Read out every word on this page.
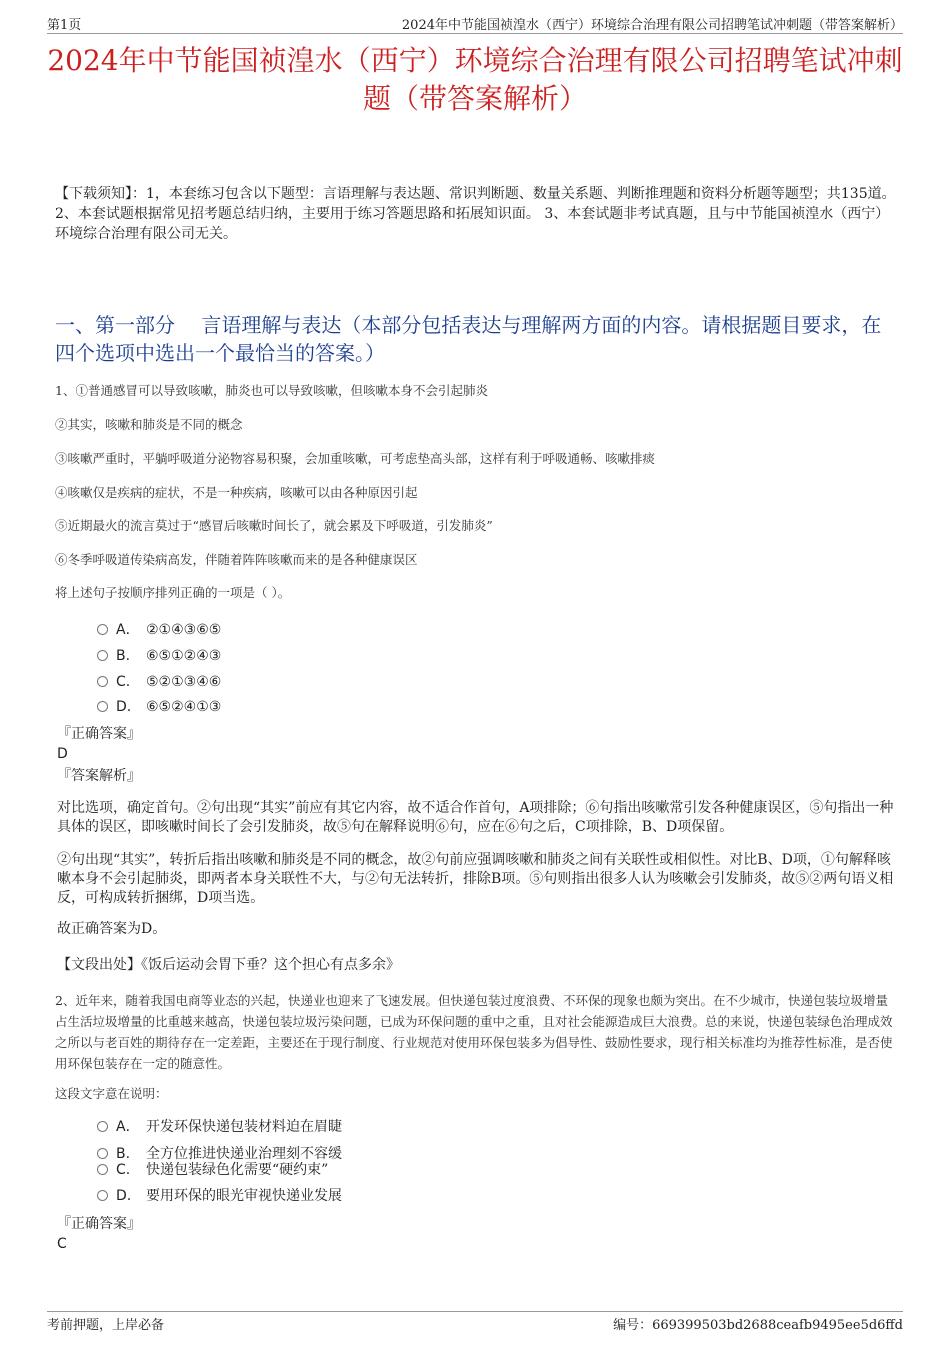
第1页	2024年中节能国祯湟水（西宁）环境综合治理有限公司招聘笔试冲刺题（带答案解析）
2024年中节能国祯湟水（西宁）环境综合治理有限公司招聘笔试冲刺题（带答案解析）
【下载须知】：1，本套练习包含以下题型：言语理解与表达题、常识判断题、数量关系题、判断推理题和资料分析题等题型；共135道。 2、本套试题根据常见招考题总结归纳，主要用于练习答题思路和拓展知识面。 3、本套试题非考试真题，且与中节能国祯湟水（西宁）环境综合治理有限公司无关。
一、第一部分　 言语理解与表达（本部分包括表达与理解两方面的内容。请根据题目要求，在四个选项中选出一个最恰当的答案。）
1、①普通感冒可以导致咳嗽，肺炎也可以导致咳嗽，但咳嗽本身不会引起肺炎
②其实，咳嗽和肺炎是不同的概念
③咳嗽严重时，平躺呼吸道分泌物容易积聚，会加重咳嗽，可考虑垫高头部，这样有利于呼吸通畅、咳嗽排痰
④咳嗽仅是疾病的症状，不是一种疾病，咳嗽可以由各种原因引起
⑤近期最火的流言莫过于“感冒后咳嗽时间长了，就会累及下呼吸道，引发肺炎”
⑥冬季呼吸道传染病高发，伴随着阵阵咳嗽而来的是各种健康误区
将上述句子按顺序排列正确的一项是（ ）。
A． ②①④③⑥⑤
B. ⑥⑤①②④③
C. ⑤②①③④⑥
D. ⑥⑤②④①③
『正确答案』
D
『答案解析』
对比选项，确定首句。②句出现“其实”前应有其它内容，故不适合作首句，A项排除；⑥句指出咳嗽常引发各种健康误区，⑤句指出一种具体的误区，即咳嗽时间长了会引发肺炎，故⑤句在解释说明⑥句，应在⑥句之后，C项排除，B、D项保留。
②句出现“其实”，转折后指出咳嗽和肺炎是不同的概念，故②句前应强调咳嗽和肺炎之间有关联性或相似性。对比B、D项，①句解释咳嗽本身不会引起肺炎，即两者本身关联性不大，与②句无法转折，排除B项。⑤句则指出很多人认为咳嗽会引发肺炎，故⑤②两句语义相反，可构成转折捆绑，D项当选。
故正确答案为D。
【文段出处】《饭后运动会胃下垂？这个担心有点多余》
2、近年来，随着我国电商等业态的兴起，快递业也迎来了飞速发展。但快递包装过度浪费、不环保的现象也颇为突出。在不少城市，快递包装垃圾增量占生活垃圾增量的比重越来越高，快递包装垃圾污染问题，已成为环保问题的重中之重，且对社会能源造成巨大浪费。总的来说，快递包装绿色治理成效之所以与老百姓的期待存在一定差距，主要还在于现行制度、行业规范对使用环保包装多为倡导性、鼓励性要求，现行相关标准均为推荐性标准，是否使用环保包装存在一定的随意性。
这段文字意在说明：
A． 开发环保快递包装材料迫在眉睫
B. 全方位推进快递业治理刻不容缓
C. 快递包装绿色化需要“硬约束”
D. 要用环保的眼光审视快递业发展
『正确答案』
C
考前押题，上岸必备	编号：669399503bd2688ceafb9495ee5d6ffd
